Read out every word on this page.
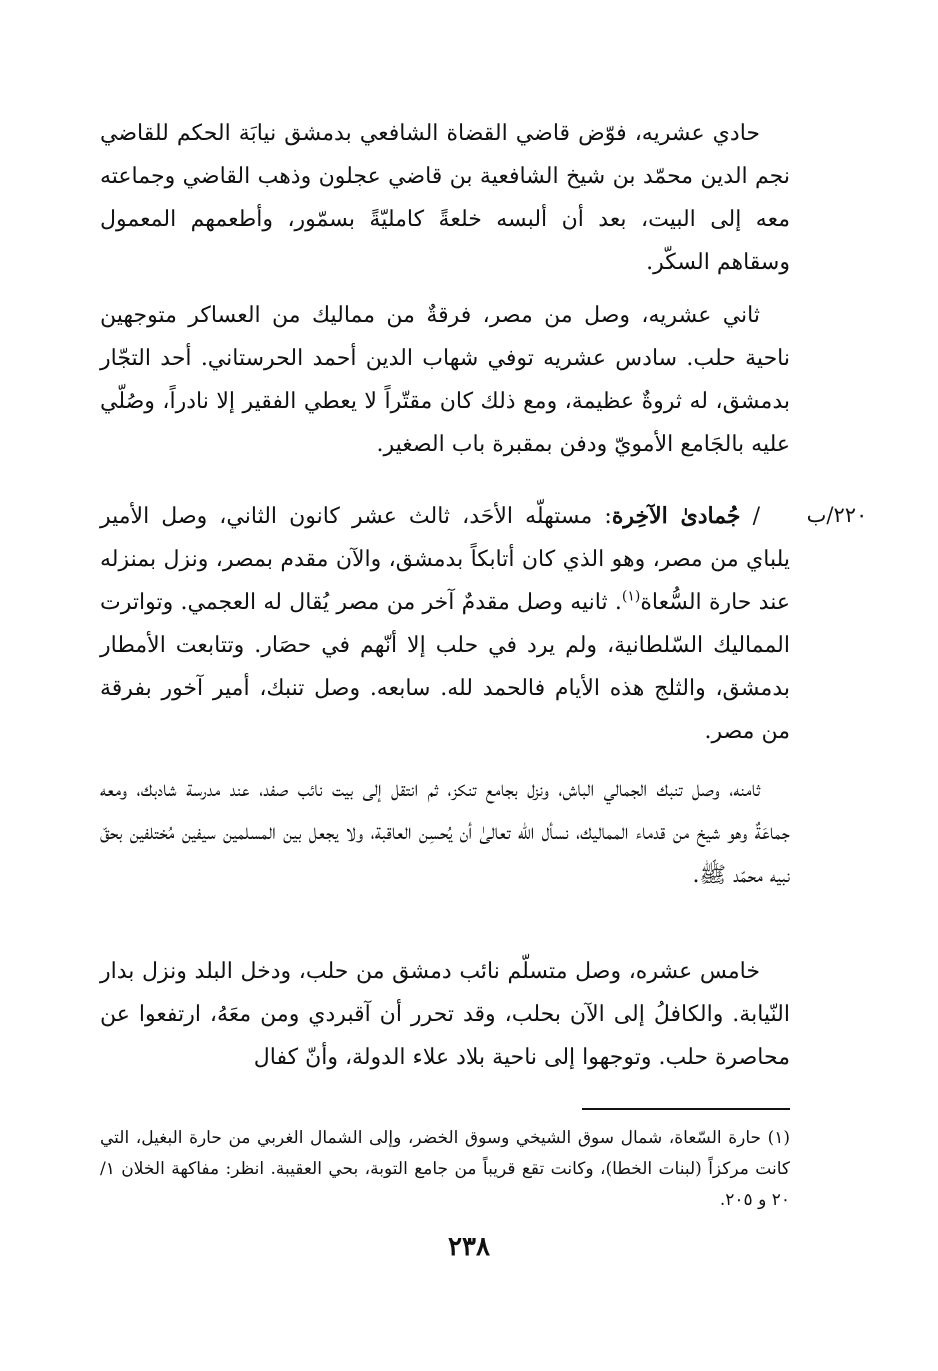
حادي عشريه، فوّض قاضي القضاة الشافعي بدمشق نيابَة الحكم للقاضي نجم الدين محمّد بن شيخ الشافعية بن قاضي عجلون وذهب القاضي وجماعته معه إلى البيت، بعد أن ألبسه خلعةً كامليّةً بسمّور، وأطعمهم المعمول وسقاهم السكّر.

ثاني عشريه، وصل من مصر، فرقةٌ من مماليك من العساكر متوجهين ناحية حلب. سادس عشريه توفي شهاب الدين أحمد الحرستاني. أحد التجّار بدمشق، له ثروةٌ عظيمة، ومع ذلك كان مقتّراً لا يعطي الفقير إلا نادراً، وصُلّي عليه بالجَامع الأمويّ ودفن بمقبرة باب الصغير.

٢٢٠/ب

/ جُمادىٰ الآخِرة: مستهلّه الأحَد، ثالث عشر كانون الثاني، وصل الأمير يلباي من مصر، وهو الذي كان أتابكاً بدمشق، والآن مقدم بمصر، ونزل بمنزله عند حارة السُّعاة$^{(١)}$. ثانيه وصل مقدمٌ آخر من مصر يُقال له العجمي. وتواترت المماليك السّلطانية، ولم يرد في حلب إلا أنّهم في حصَار. وتتابعت الأمطار بدمشق، والثلج هذه الأيام فالحمد لله. سابعه. وصل تنبك، أمير آخور بفرقة من مصر.

ثامنه، وصل تنبك الجمالي الباش، ونزل بجامع تنكز، ثم انتقل إلى بيت نائب صفد، عند مدرسة شادبك، ومعه جماعَةٌ وهو شيخ من قدماء المماليك، نسأل الله تعالىٰ أن يُحسِن العاقبة، ولا يجعل بين المسلمين سيفين مُختلفين بحقّ نبيه محمّد ﷺ.

خامس عشره، وصل متسلّم نائب دمشق من حلب، ودخل البلد ونزل بدار النّيابة. والكافلُ إلى الآن بحلب، وقد تحرر أن آقبردي ومن معَهُ، ارتفعوا عن محاصرة حلب. وتوجهوا إلى ناحية بلاد علاء الدولة، وأنّ كفال

(١) حارة السّعاة، شمال سوق الشيخي وسوق الخضر، وإلى الشمال الغربي من حارة البغيل، التي كانت مركزاً (لبنات الخطا)، وكانت تقع قريباً من جامع التوبة، بحي العقيبة. انظر: مفاكهة الخلان ١/ ٢٠ و ٢٠٥.

٢٣٨
